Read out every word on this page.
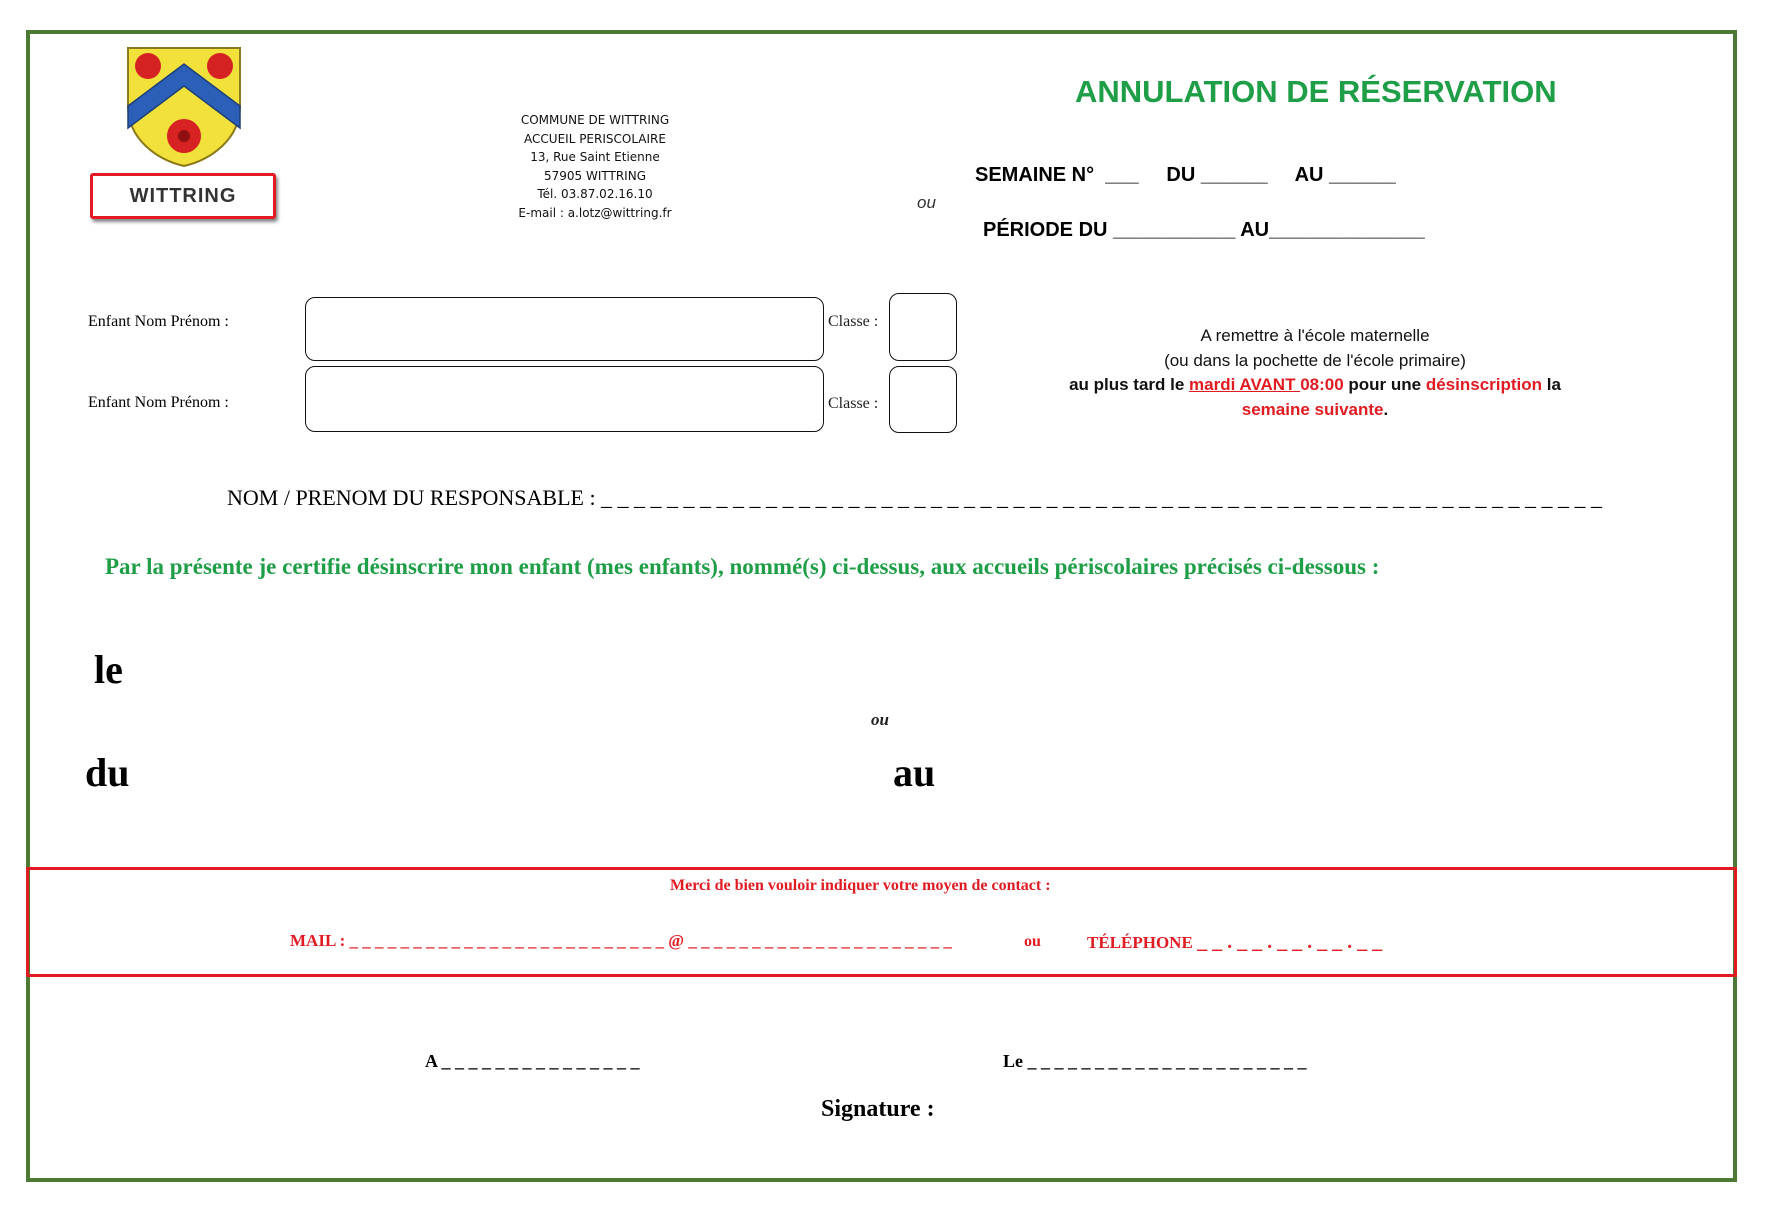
WITTRING
COMMUNE DE WITTRING
ACCUEIL PERISCOLAIRE
13, Rue Saint Etienne
57905 WITTRING
Tél. 03.87.02.16.10
E-mail : a.lotz@wittring.fr
ANNULATION DE RÉSERVATION
SEMAINE N°  ___     DU ______     AU ______
ou
PÉRIODE DU ___________ AU______________
Enfant Nom Prénom :	Classe :
Enfant Nom Prénom :	Classe :
A remettre à l'école maternelle
(ou dans la pochette de l'école primaire)
au plus tard le mardi AVANT 08:00 pour une désinscription la
semaine suivante.
NOM / PRENOM DU RESPONSABLE : _ _ _ _ _ _ _ _ _ _ _ _ _ _ _ _ _ _ _ _ _ _ _ _ _ _ _ _ _ _ _ _ _ _ _ _ _ _ _ _ _ _ _ _ _ _ _ _ _ _ _ _ _ _ _ _ _ _ _ _ _
Par la présente je certifie désinscrire mon enfant (mes enfants), nommé(s) ci-dessus, aux accueils périscolaires précisés ci-dessous :
le
ou
du	au
Merci de bien vouloir indiquer votre moyen de contact :
MAIL : _ _ _ _ _ _ _ _ _ _ _ _ _ _ _ _ _ _ _ _ _ _ _ _ _ @ _ _ _ _ _ _ _ _ _ _ _ _ _ _ _ _ _ _ _ _ _	ou	TÉLÉPHONE _ _ . _ _ . _ _ . _ _ . _ _
A _ _ _ _ _ _ _ _ _ _ _ _ _ _ _	Le _ _ _ _ _ _ _ _ _ _ _ _ _ _ _ _ _ _ _ _ _
Signature :
